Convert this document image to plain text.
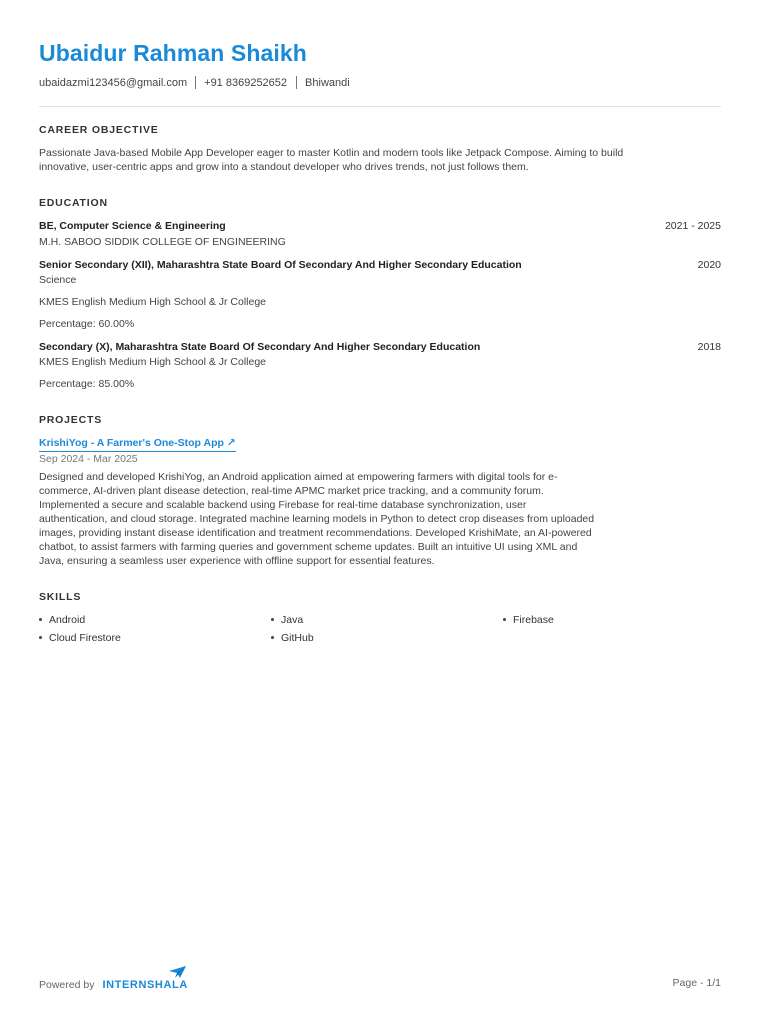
Ubaidur Rahman Shaikh
ubaidazmi123456@gmail.com +91 8369252652 Bhiwandi
CAREER OBJECTIVE
Passionate Java-based Mobile App Developer eager to master Kotlin and modern tools like Jetpack Compose. Aiming to build
innovative, user-centric apps and grow into a standout developer who drives trends, not just follows them.
EDUCATION
BE, Computer Science & Engineering	2021 - 2025
M.H. SABOO SIDDIK COLLEGE OF ENGINEERING
Senior Secondary (XII), Maharashtra State Board Of Secondary And Higher Secondary Education	2020
Science
KMES English Medium High School & Jr College
Percentage: 60.00%
Secondary (X), Maharashtra State Board Of Secondary And Higher Secondary Education	2018
KMES English Medium High School & Jr College
Percentage: 85.00%
PROJECTS
KrishiYog - A Farmer's One-Stop App ↗
Sep 2024 - Mar 2025
Designed and developed KrishiYog, an Android application aimed at empowering farmers with digital tools for e-
commerce, AI-driven plant disease detection, real-time APMC market price tracking, and a community forum.
Implemented a secure and scalable backend using Firebase for real-time database synchronization, user
authentication, and cloud storage. Integrated machine learning models in Python to detect crop diseases from uploaded
images, providing instant disease identification and treatment recommendations. Developed KrishiMate, an AI-powered
chatbot, to assist farmers with farming queries and government scheme updates. Built an intuitive UI using XML and
Java, ensuring a seamless user experience with offline support for essential features.
SKILLS
Android	Java	Firebase
Cloud Firestore	GitHub
Powered by INTERNSHALA	Page - 1/1
